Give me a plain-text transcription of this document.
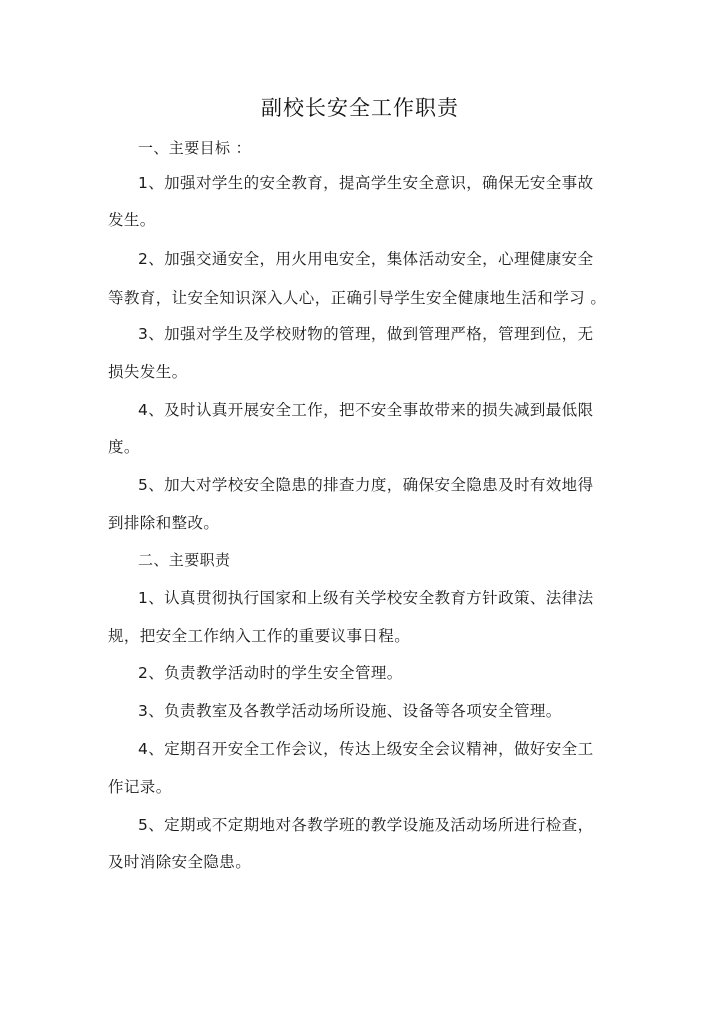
副校长安全工作职责
一、主要目标 ：
1、加强对学生的安全教育，提高学生安全意识，确保无安全事故
发生。
2、加强交通安全，用火用电安全，集体活动安全，心理健康安全
等教育，让安全知识深入人心，正确引导学生安全健康地生活和学习 。
3、加强对学生及学校财物的管理，做到管理严格，管理到位，无
损失发生。
4、及时认真开展安全工作，把不安全事故带来的损失减到最低限
度。
5、加大对学校安全隐患的排查力度，确保安全隐患及时有效地得
到排除和整改。
二、主要职责
1、认真贯彻执行国家和上级有关学校安全教育方针政策、法律法
规，把安全工作纳入工作的重要议事日程。
2、负责教学活动时的学生安全管理。
3、负责教室及各教学活动场所设施、设备等各项安全管理。
4、定期召开安全工作会议，传达上级安全会议精神，做好安全工
作记录。
5、定期或不定期地对各教学班的教学设施及活动场所进行检查，
及时消除安全隐患。
